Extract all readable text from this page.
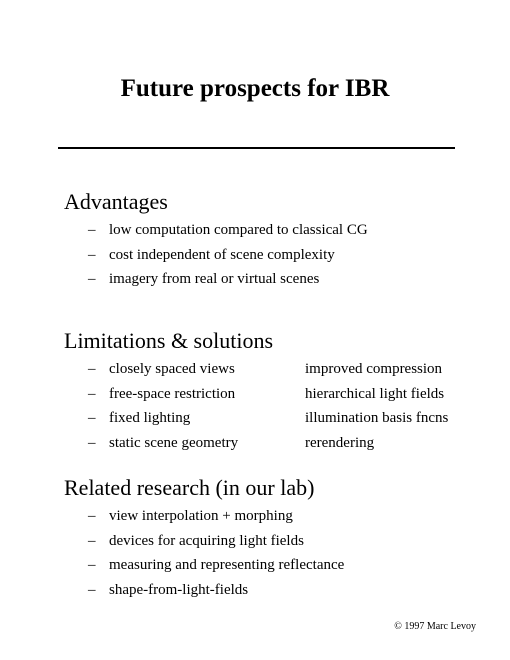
Future prospects for IBR
Advantages
– low computation compared to classical CG
– cost independent of scene complexity
– imagery from real or virtual scenes
Limitations & solutions
– closely spaced views
– free-space restriction
– fixed lighting
– static scene geometry
improved compression
hierarchical light fields
illumination basis fncns
rerendering
Related research (in our lab)
– view interpolation + morphing
– devices for acquiring light fields
– measuring and representing reflectance
– shape-from-light-fields
© 1997 Marc Levoy
